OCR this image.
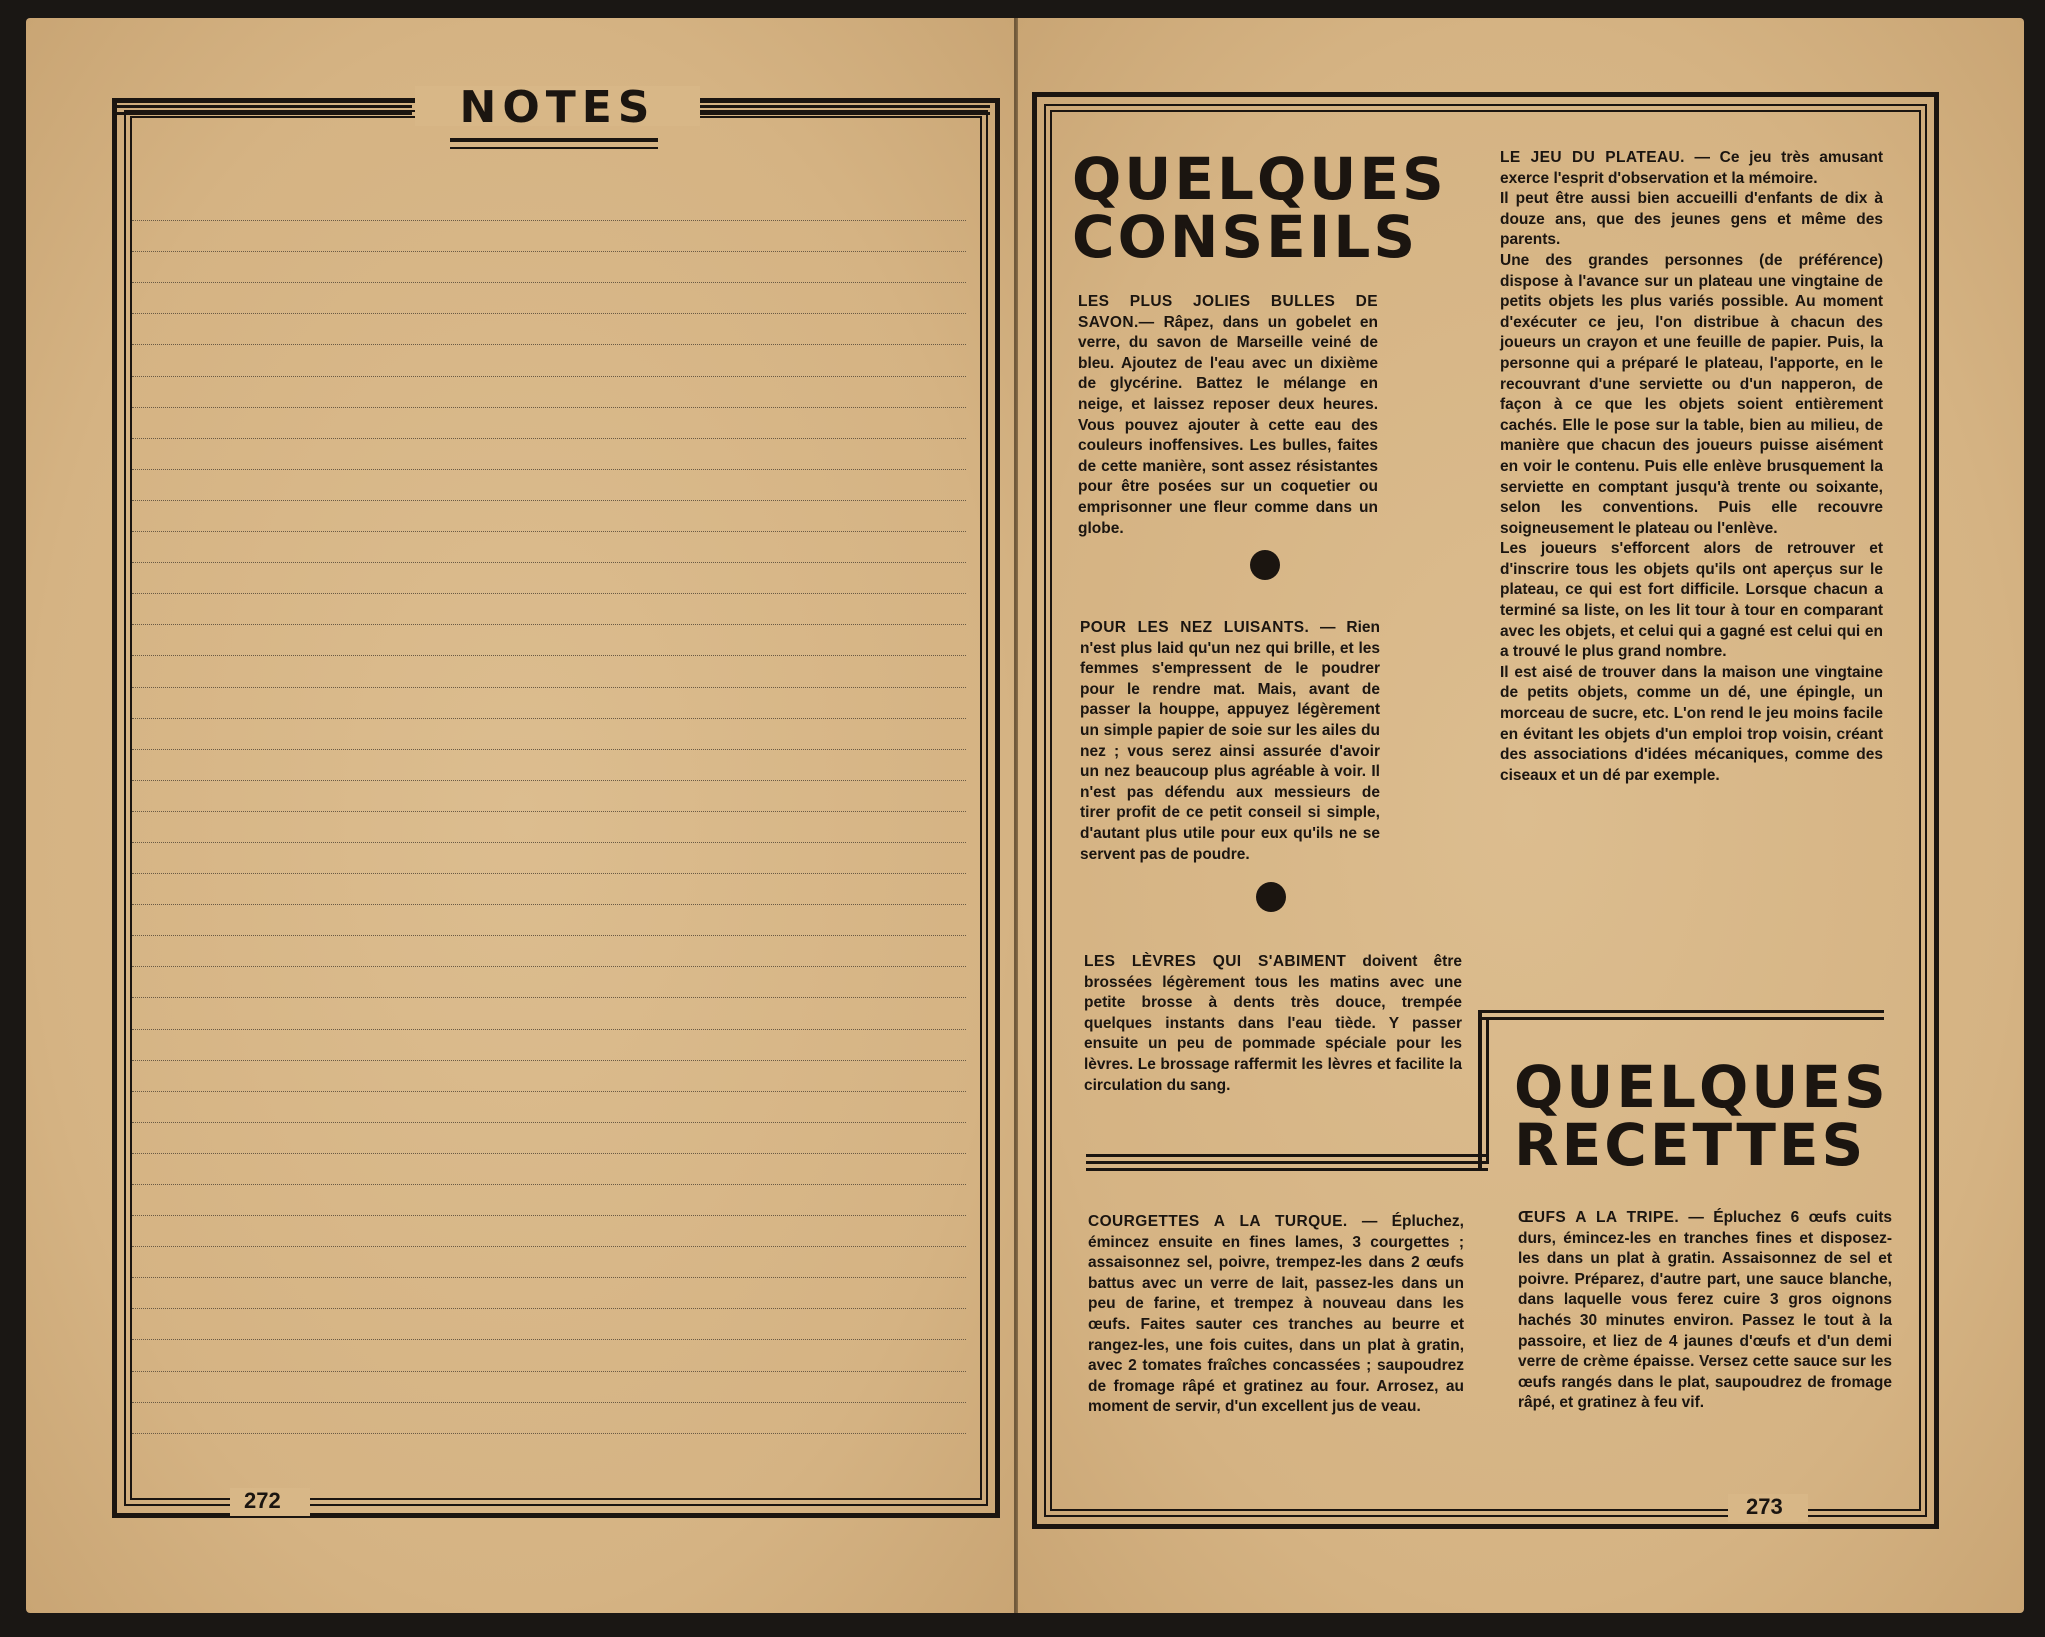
NOTES
272
QUELQUES
CONSEILS

LES PLUS JOLIES BULLES DE SAVON.— Râpez, dans un gobelet en verre, du savon de Marseille veiné de bleu. Ajoutez de l'eau avec un dixième de glycérine. Battez le mélange en neige, et laissez reposer deux heures. Vous pouvez ajouter à cette eau des couleurs inoffensives. Les bulles, faites de cette manière, sont assez résistantes pour être posées sur un coquetier ou emprisonner une fleur comme dans un globe.

POUR LES NEZ LUISANTS. — Rien n'est plus laid qu'un nez qui brille, et les femmes s'empressent de le poudrer pour le rendre mat. Mais, avant de passer la houppe, appuyez légèrement un simple papier de soie sur les ailes du nez ; vous serez ainsi assurée d'avoir un nez beaucoup plus agréable à voir. Il n'est pas défendu aux messieurs de tirer profit de ce petit conseil si simple, d'autant plus utile pour eux qu'ils ne se servent pas de poudre.

LES LÈVRES QUI S'ABIMENT doivent être brossées légèrement tous les matins avec une petite brosse à dents très douce, trempée quelques instants dans l'eau tiède. Y passer ensuite un peu de pommade spéciale pour les lèvres. Le brossage raffermit les lèvres et facilite la circulation du sang.

LE JEU DU PLATEAU. — Ce jeu très amusant exerce l'esprit d'observation et la mémoire.
Il peut être aussi bien accueilli d'enfants de dix à douze ans, que des jeunes gens et même des parents.
Une des grandes personnes (de préférence) dispose à l'avance sur un plateau une vingtaine de petits objets les plus variés possible. Au moment d'exécuter ce jeu, l'on distribue à chacun des joueurs un crayon et une feuille de papier. Puis, la personne qui a préparé le plateau, l'apporte, en le recouvrant d'une serviette ou d'un napperon, de façon à ce que les objets soient entièrement cachés. Elle le pose sur la table, bien au milieu, de manière que chacun des joueurs puisse aisément en voir le contenu. Puis elle enlève brusquement la serviette en comptant jusqu'à trente ou soixante, selon les conventions. Puis elle recouvre soigneusement le plateau ou l'enlève.
Les joueurs s'efforcent alors de retrouver et d'inscrire tous les objets qu'ils ont aperçus sur le plateau, ce qui est fort difficile. Lorsque chacun a terminé sa liste, on les lit tour à tour en comparant avec les objets, et celui qui a gagné est celui qui en a trouvé le plus grand nombre.
Il est aisé de trouver dans la maison une vingtaine de petits objets, comme un dé, une épingle, un morceau de sucre, etc. L'on rend le jeu moins facile en évitant les objets d'un emploi trop voisin, créant des associations d'idées mécaniques, comme des ciseaux et un dé par exemple.
QUELQUES
RECETTES

COURGETTES A LA TURQUE. — Épluchez, émincez ensuite en fines lames, 3 courgettes ; assaisonnez sel, poivre, trempez-les dans 2 œufs battus avec un verre de lait, passez-les dans un peu de farine, et trempez à nouveau dans les œufs. Faites sauter ces tranches au beurre et rangez-les, une fois cuites, dans un plat à gratin, avec 2 tomates fraîches concassées ; saupoudrez de fromage râpé et gratinez au four. Arrosez, au moment de servir, d'un excellent jus de veau.

ŒUFS A LA TRIPE. — Épluchez 6 œufs cuits durs, émincez-les en tranches fines et disposez-les dans un plat à gratin. Assaisonnez de sel et poivre. Préparez, d'autre part, une sauce blanche, dans laquelle vous ferez cuire 3 gros oignons hachés 30 minutes environ. Passez le tout à la passoire, et liez de 4 jaunes d'œufs et d'un demi verre de crème épaisse. Versez cette sauce sur les œufs rangés dans le plat, saupoudrez de fromage râpé, et gratinez à feu vif.

273
